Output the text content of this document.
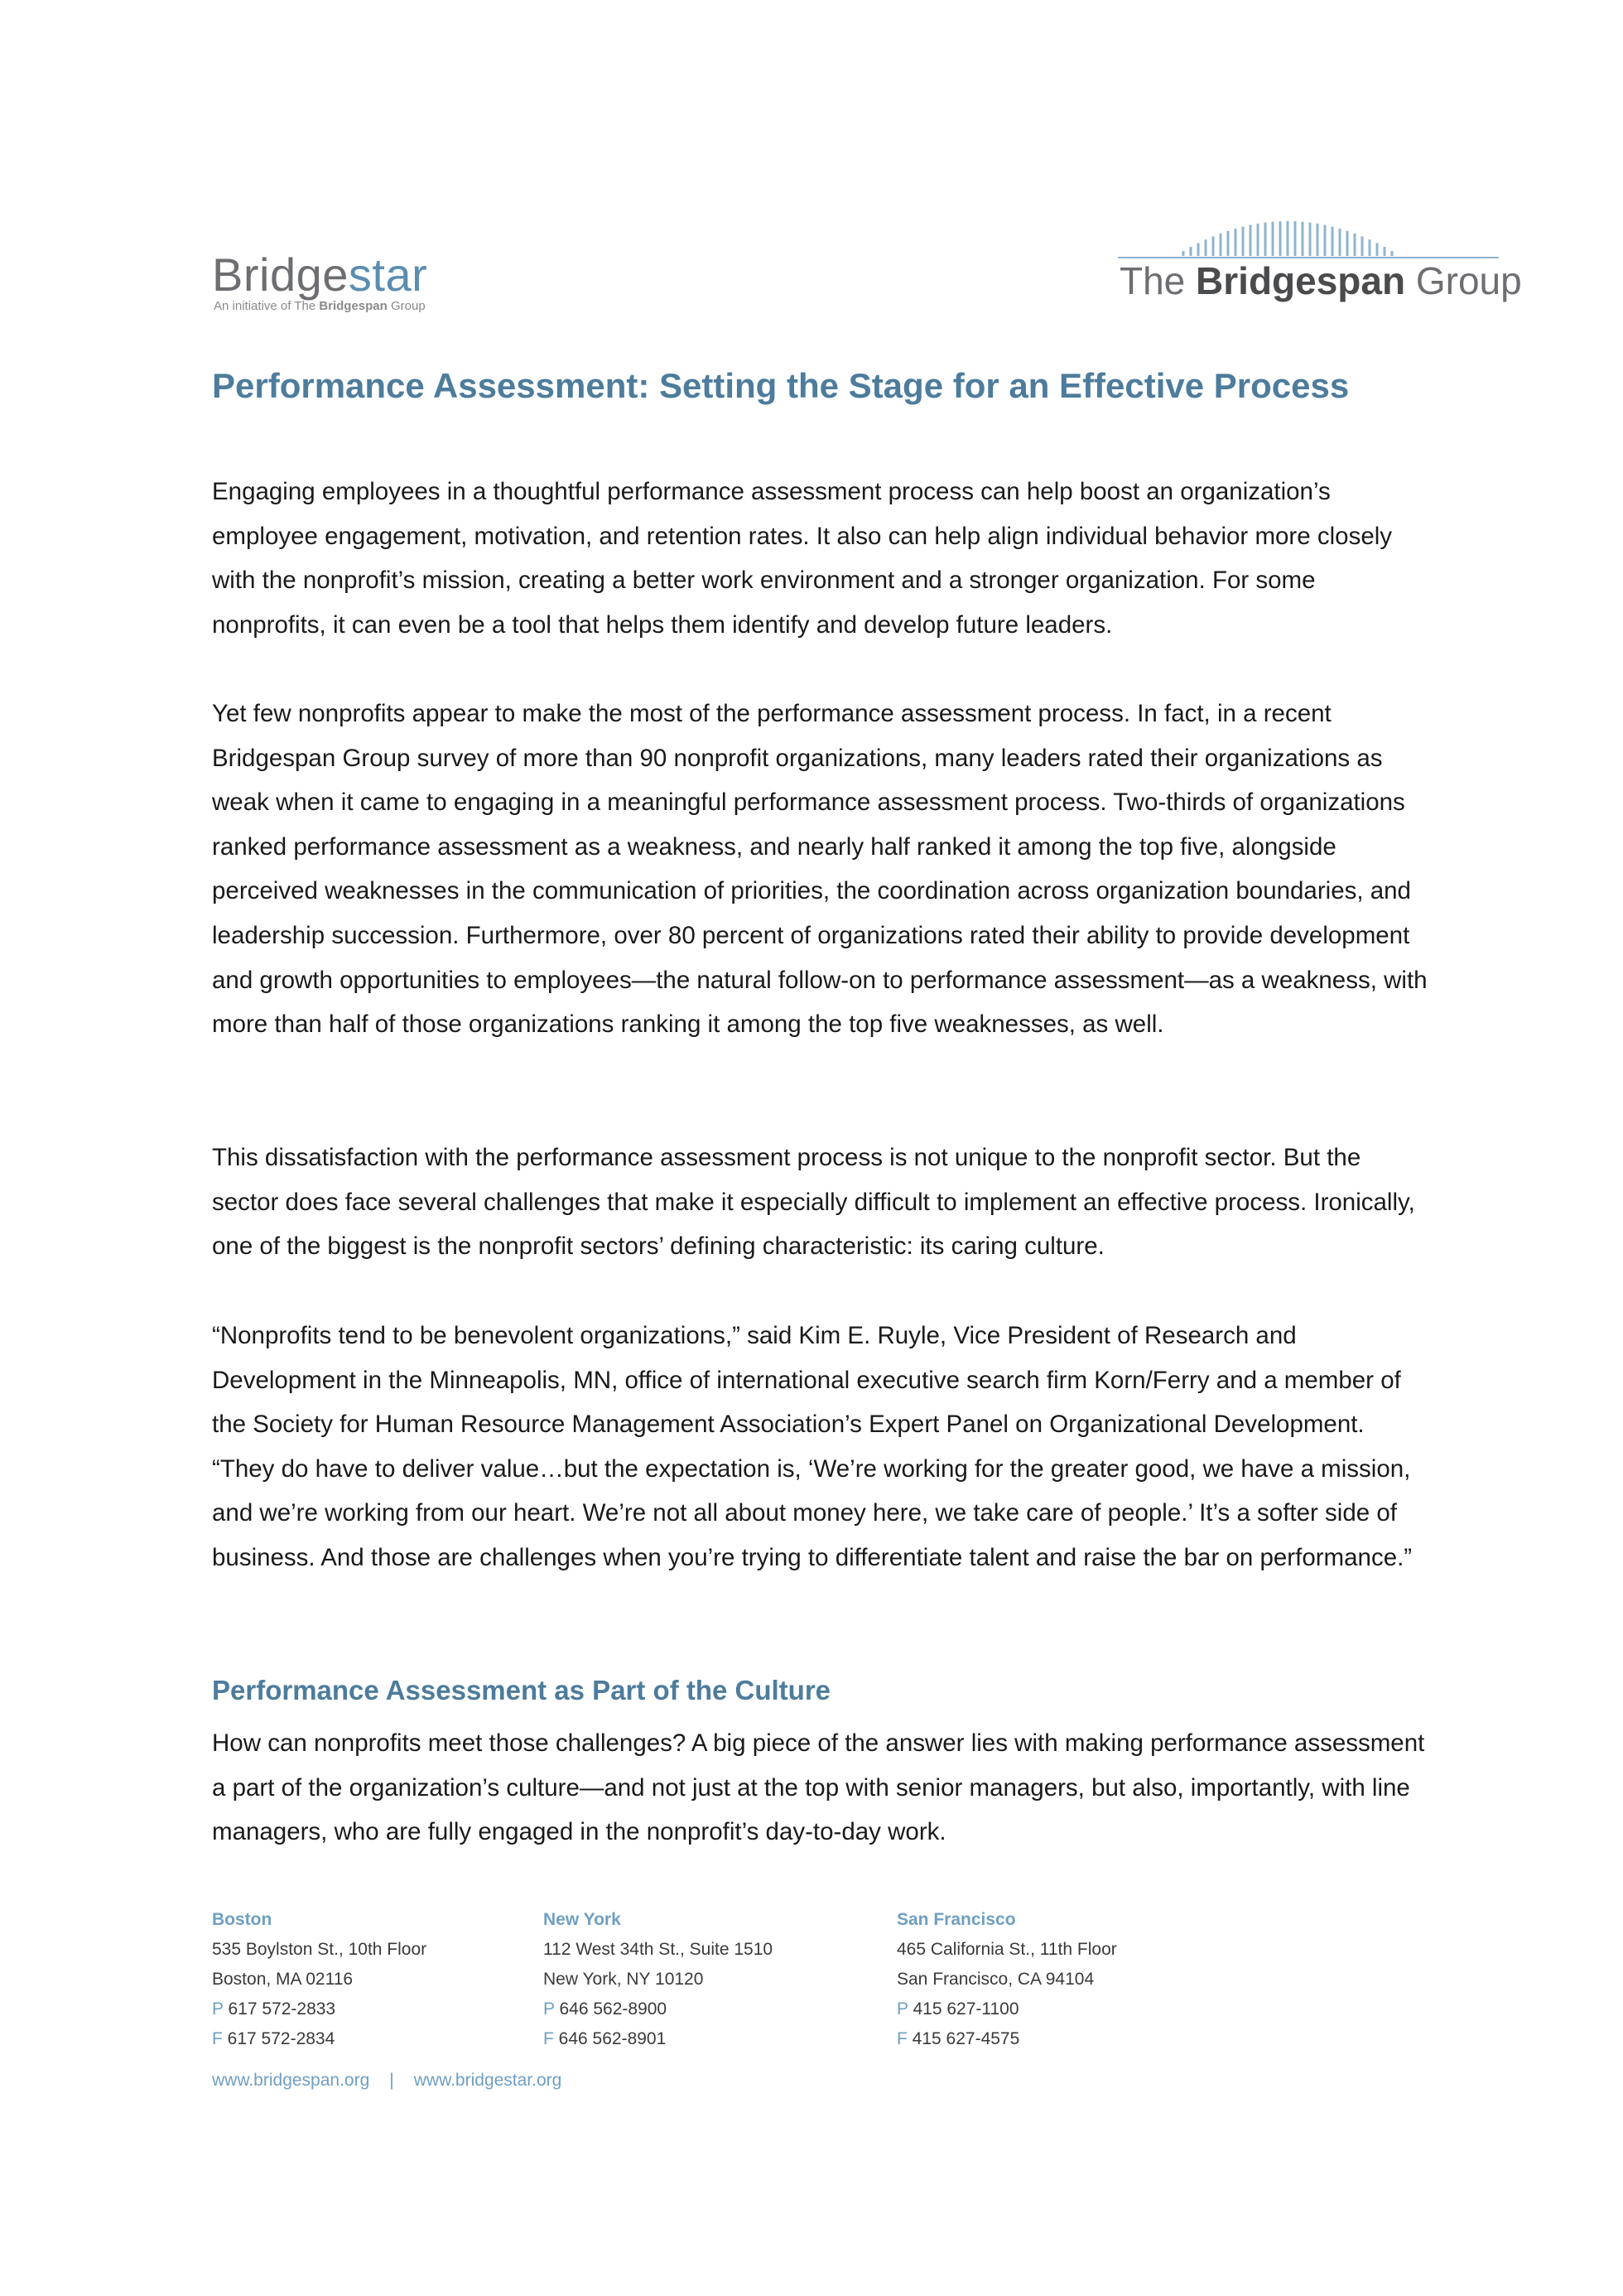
Bridgestar
An initiative of The Bridgespan Group
The Bridgespan Group
Performance Assessment: Setting the Stage for an Effective Process

Engaging employees in a thoughtful performance assessment process can help boost an organization’s employee engagement, motivation, and retention rates. It also can help align individual behavior more closely with the nonprofit’s mission, creating a better work environment and a stronger organization. For some nonprofits, it can even be a tool that helps them identify and develop future leaders.

Yet few nonprofits appear to make the most of the performance assessment process. In fact, in a recent Bridgespan Group survey of more than 90 nonprofit organizations, many leaders rated their organizations as weak when it came to engaging in a meaningful performance assessment process. Two-thirds of organizations ranked performance assessment as a weakness, and nearly half ranked it among the top five, alongside perceived weaknesses in the communication of priorities, the coordination across organization boundaries, and leadership succession. Furthermore, over 80 percent of organizations rated their ability to provide development and growth opportunities to employees—the natural follow-on to performance assessment—as a weakness, with more than half of those organizations ranking it among the top five weaknesses, as well.

This dissatisfaction with the performance assessment process is not unique to the nonprofit sector. But the sector does face several challenges that make it especially difficult to implement an effective process. Ironically, one of the biggest is the nonprofit sectors’ defining characteristic: its caring culture.

“Nonprofits tend to be benevolent organizations,” said Kim E. Ruyle, Vice President of Research and Development in the Minneapolis, MN, office of international executive search firm Korn/Ferry and a member of the Society for Human Resource Management Association’s Expert Panel on Organizational Development. “They do have to deliver value…but the expectation is, ‘We’re working for the greater good, we have a mission, and we’re working from our heart. We’re not all about money here, we take care of people.’ It’s a softer side of business. And those are challenges when you’re trying to differentiate talent and raise the bar on performance.”

Performance Assessment as Part of the Culture

How can nonprofits meet those challenges? A big piece of the answer lies with making performance assessment a part of the organization’s culture—and not just at the top with senior managers, but also, importantly, with line managers, who are fully engaged in the nonprofit’s day-to-day work.

Boston
535 Boylston St., 10th Floor
Boston, MA 02116
P 617 572-2833
F 617 572-2834
New York
112 West 34th St., Suite 1510
New York, NY 10120
P 646 562-8900
F 646 562-8901
San Francisco
465 California St., 11th Floor
San Francisco, CA 94104
P 415 627-1100
F 415 627-4575
www.bridgespan.org | www.bridgestar.org
